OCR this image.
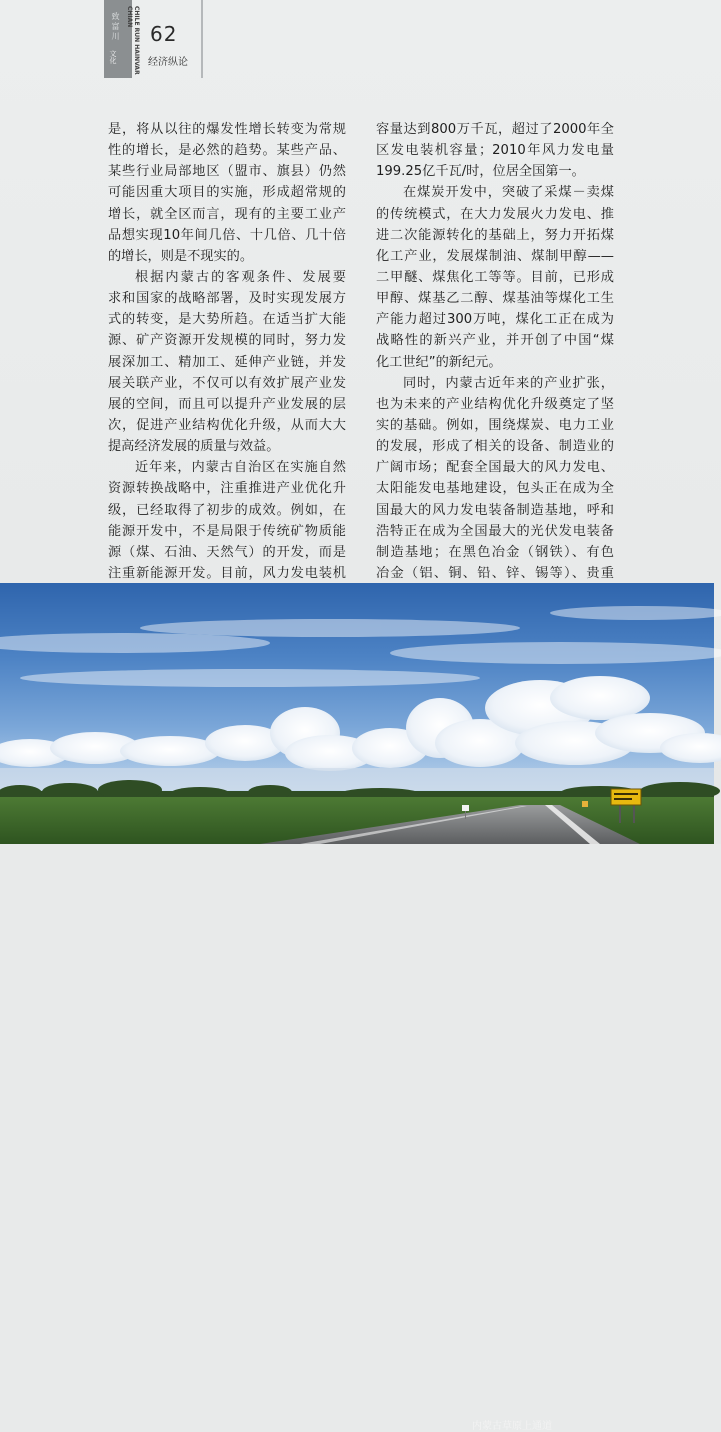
致富川
文化	CHILE RUN HAINVAR CHIAN
62
经济纵论
是，将从以往的爆发性增长转变为常规
性的增长，是必然的趋势。某些产品、
某些行业局部地区（盟市、旗县）仍然
可能因重大项目的实施，形成超常规的
增长，就全区而言，现有的主要工业产
品想实现10年间几倍、十几倍、几十倍
的增长，则是不现实的。
根据内蒙古的客观条件、发展要
求和国家的战略部署，及时实现发展方
式的转变，是大势所趋。在适当扩大能
源、矿产资源开发规模的同时，努力发
展深加工、精加工、延伸产业链，并发
展关联产业，不仅可以有效扩展产业发
展的空间，而且可以提升产业发展的层
次，促进产业结构优化升级，从而大大
提高经济发展的质量与效益。
近年来，内蒙古自治区在实施自然
资源转换战略中，注重推进产业优化升
级，已经取得了初步的成效。例如，在
能源开发中，不是局限于传统矿物质能
源（煤、石油、天然气）的开发，而是
注重新能源开发。目前，风力发电装机
容量达到800万千瓦，超过了2000年全
区发电装机容量；2010年风力发电量
199.25亿千瓦/时，位居全国第一。
在煤炭开发中，突破了采煤－卖煤
的传统模式，在大力发展火力发电、推
进二次能源转化的基础上，努力开拓煤
化工产业，发展煤制油、煤制甲醇——
二甲醚、煤焦化工等等。目前，已形成
甲醇、煤基乙二醇、煤基油等煤化工生
产能力超过300万吨，煤化工正在成为
战略性的新兴产业，并开创了中国“煤
化工世纪”的新纪元。
同时，内蒙古近年来的产业扩张，
也为未来的产业结构优化升级奠定了坚
实的基础。例如，围绕煤炭、电力工业
的发展，形成了相关的设备、制造业的
广阔市场；配套全国最大的风力发电、
太阳能发电基地建设，包头正在成为全
国最大的风力发电装备制造基地，呼和
浩特正在成为全国最大的光伏发电装备
制造基地；在黑色冶金（钢铁）、有色
冶金（铝、铜、铅、锌、锡等）、贵重
内蒙古草原上通道
